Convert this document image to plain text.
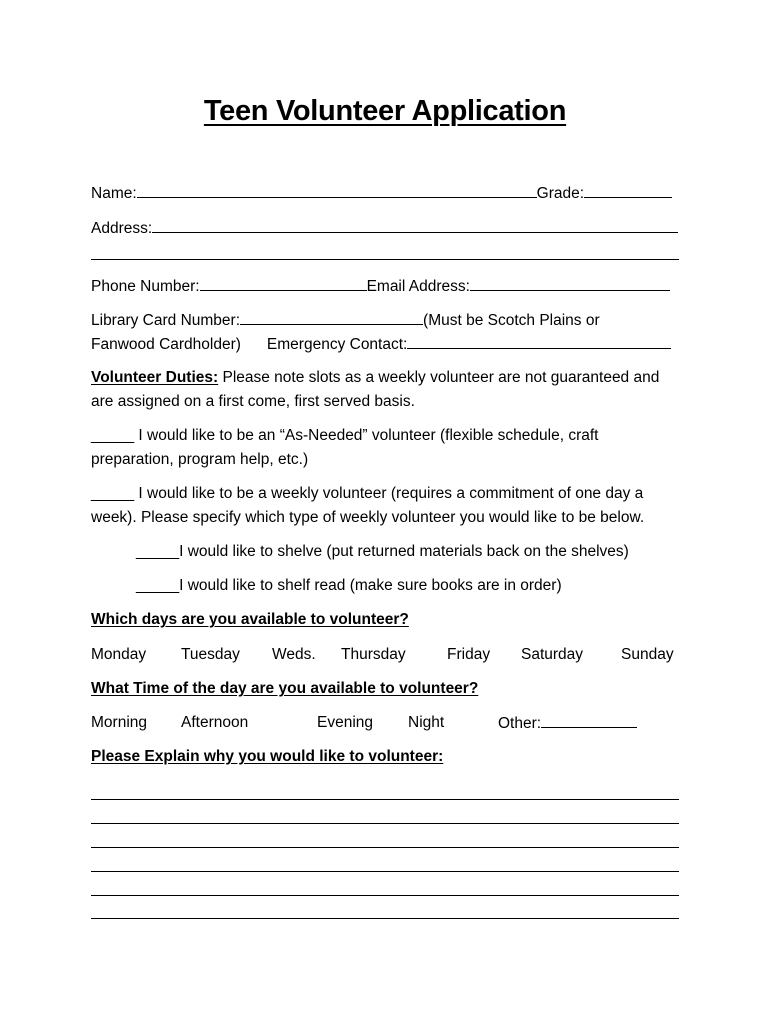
Teen Volunteer Application
Name:	Grade:
Address:
Phone Number:	Email Address:
Library Card Number:	(Must be Scotch Plains or
Fanwood Cardholder) Emergency Contact:
Volunteer Duties: Please note slots as a weekly volunteer are not guaranteed and
are assigned on a first come, first served basis.
_____ I would like to be an “As-Needed” volunteer (flexible schedule, craft
preparation, program help, etc.)
_____ I would like to be a weekly volunteer (requires a commitment of one day a
week). Please specify which type of weekly volunteer you would like to be below.
_____I would like to shelve (put returned materials back on the shelves)
_____I would like to shelf read (make sure books are in order)
Which days are you available to volunteer?
Monday Tuesday Weds. Thursday	Friday Saturday Sunday
What Time of the day are you available to volunteer?
Morning Afternoon	Evening Night	Other:
Please Explain why you would like to volunteer:
